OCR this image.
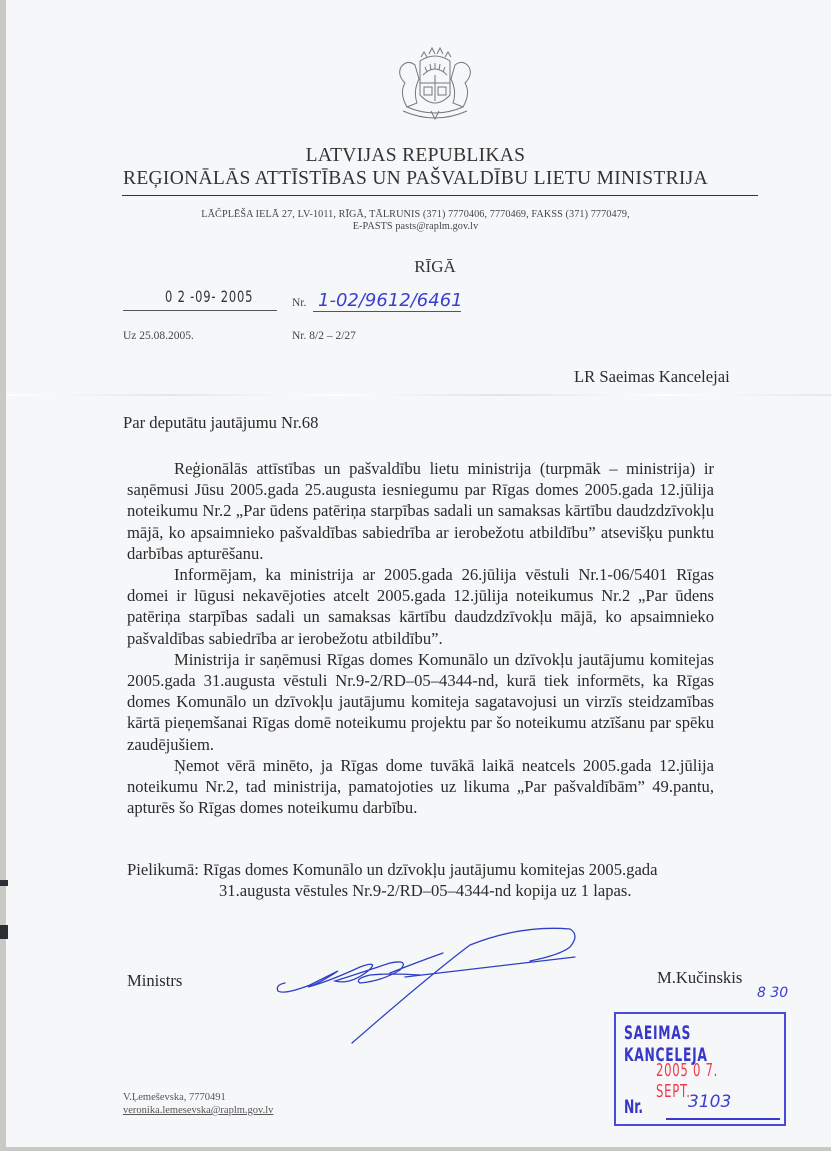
LATVIJAS REPUBLIKAS
REĢIONĀLĀS ATTĪSTĪBAS UN PAŠVALDĪBU LIETU MINISTRIJA
LĀČPLĒŠA IELĀ 27, LV-1011, RĪGĀ, TĀLRUNIS (371) 7770406, 7770469, FAKSS (371) 7770479,
E-PASTS pasts@raplm.gov.lv
RĪGĀ
0 2 -09- 2005	Nr. 1-02/9612/6461
Uz 25.08.2005.	Nr. 8/2 – 2/27
LR Saeimas Kancelejai
Par deputātu jautājumu Nr.68

Reģionālās attīstības un pašvaldību lietu ministrija (turpmāk – ministrija) ir saņēmusi Jūsu 2005.gada 25.augusta iesniegumu par Rīgas domes 2005.gada 12.jūlija noteikumu Nr.2 „Par ūdens patēriņa starpības sadali un samaksas kārtību daudzdzīvokļu mājā, ko apsaimnieko pašvaldības sabiedrība ar ierobežotu atbildību” atsevišķu punktu darbības apturēšanu.

Informējam, ka ministrija ar 2005.gada 26.jūlija vēstuli Nr.1-06/5401 Rīgas domei ir lūgusi nekavējoties atcelt 2005.gada 12.jūlija noteikumus Nr.2 „Par ūdens patēriņa starpības sadali un samaksas kārtību daudzdzīvokļu mājā, ko apsaimnieko pašvaldības sabiedrība ar ierobežotu atbildību”.

Ministrija ir saņēmusi Rīgas domes Komunālo un dzīvokļu jautājumu komitejas 2005.gada 31.augusta vēstuli Nr.9-2/RD–05–4344-nd, kurā tiek informēts, ka Rīgas domes Komunālo un dzīvokļu jautājumu komiteja sagatavojusi un virzīs steidzamības kārtā pieņemšanai Rīgas domē noteikumu projektu par šo noteikumu atzīšanu par spēku zaudējušiem.

Ņemot vērā minēto, ja Rīgas dome tuvākā laikā neatcels 2005.gada 12.jūlija noteikumu Nr.2, tad ministrija, pamatojoties uz likuma „Par pašvaldībām” 49.pantu, apturēs šo Rīgas domes noteikumu darbību.

Pielikumā: Rīgas domes Komunālo un dzīvokļu jautājumu komitejas 2005.gada
31.augusta vēstules Nr.9-2/RD–05–4344-nd kopija uz 1 lapas.
Ministrs	M.Kučinskis
8 30
SAEIMAS KANCELEJA
2005 0 7. SEPT.
Nr.	3103
V.Ļemeševska, 7770491
veronika.lemesevska@raplm.gov.lv
